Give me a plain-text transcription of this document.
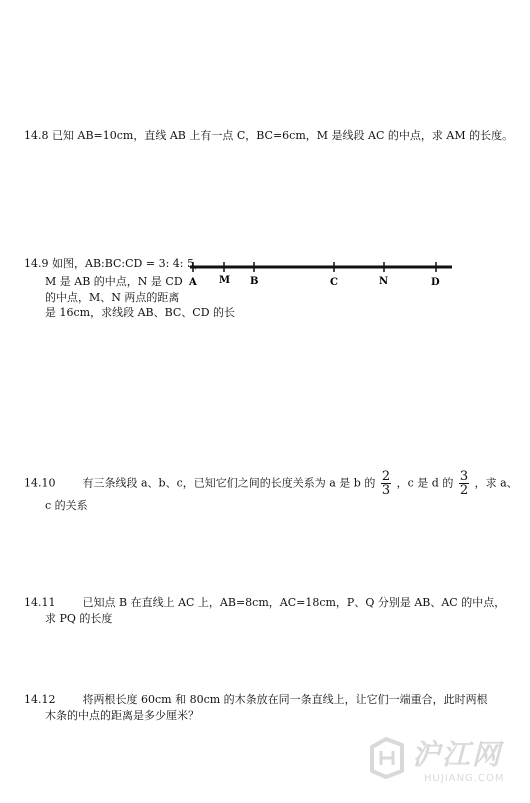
14.8 已知 AB=10cm，直线 AB 上有一点 C，BC=6cm，M 是线段 AC 的中点，求 AM 的长度。
14.9 如图，AB:BC:CD = 3: 4: 5，
M 是 AB 的中点，N 是 CD
的中点，M、N 两点的距离
是 16cm，求线段 AB、BC、CD 的长
A M B	C	N	D
14.10 有三条线段 a、b、c，已知它们之间的长度关系为 a 是 b 的 $\frac{2}{3}$ ，c 是 d 的 $\frac{3}{2}$ ，求 a、
c 的关系
14.11 已知点 B 在直线上 AC 上，AB=8cm，AC=18cm，P、Q 分别是 AB、AC 的中点，
求 PQ 的长度
14.12 将两根长度 60cm 和 80cm 的木条放在同一条直线上，让它们一端重合，此时两根
木条的中点的距离是多少厘米？
沪江网
HUJIANG.COM
